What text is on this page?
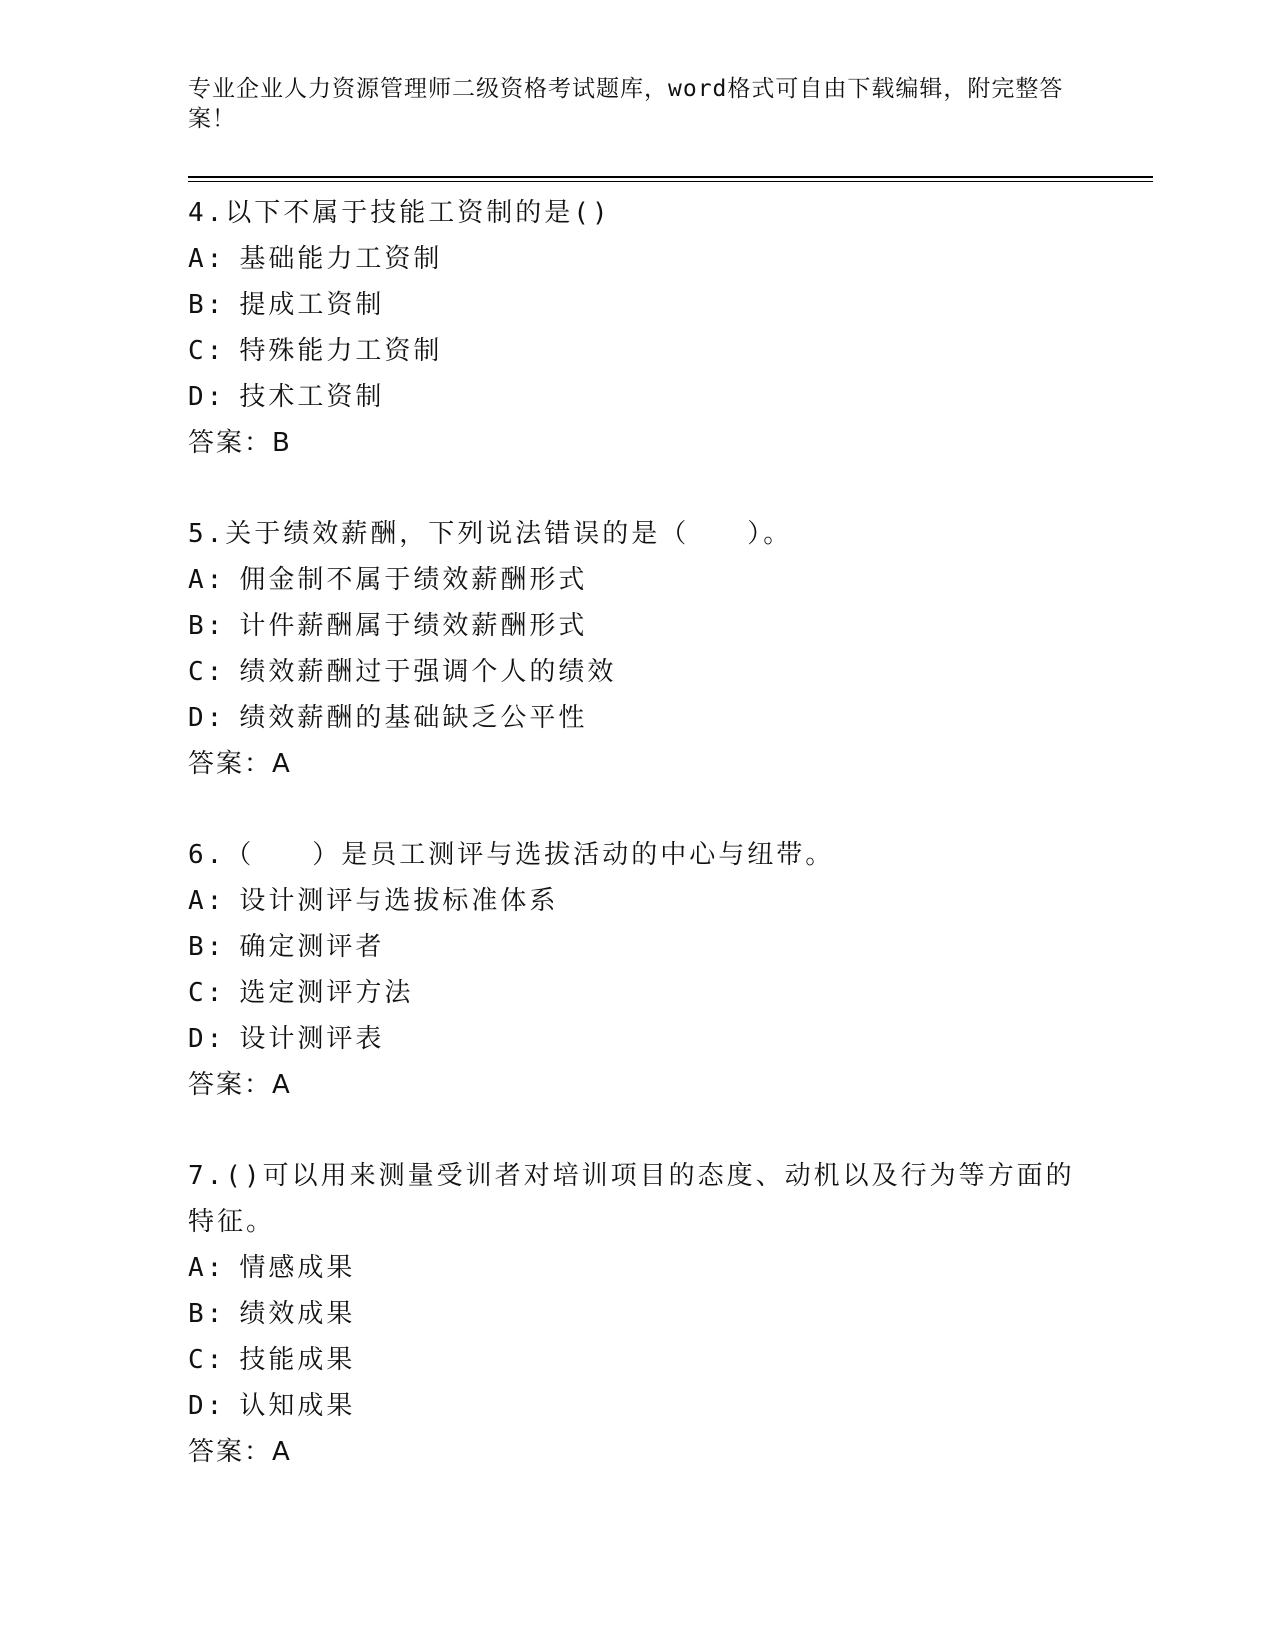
专业企业人力资源管理师二级资格考试题库，word格式可自由下载编辑，附完整答案！
4.以下不属于技能工资制的是()
A: 基础能力工资制
B: 提成工资制
C: 特殊能力工资制
D: 技术工资制
答案：B
5.关于绩效薪酬，下列说法错误的是（　　）。
A: 佣金制不属于绩效薪酬形式
B: 计件薪酬属于绩效薪酬形式
C: 绩效薪酬过于强调个人的绩效
D: 绩效薪酬的基础缺乏公平性
答案：A
6.（　　）是员工测评与选拔活动的中心与纽带。
A: 设计测评与选拔标准体系
B: 确定测评者
C: 选定测评方法
D: 设计测评表
答案：A
7.()可以用来测量受训者对培训项目的态度、动机以及行为等方面的特征。
A: 情感成果
B: 绩效成果
C: 技能成果
D: 认知成果
答案：A
